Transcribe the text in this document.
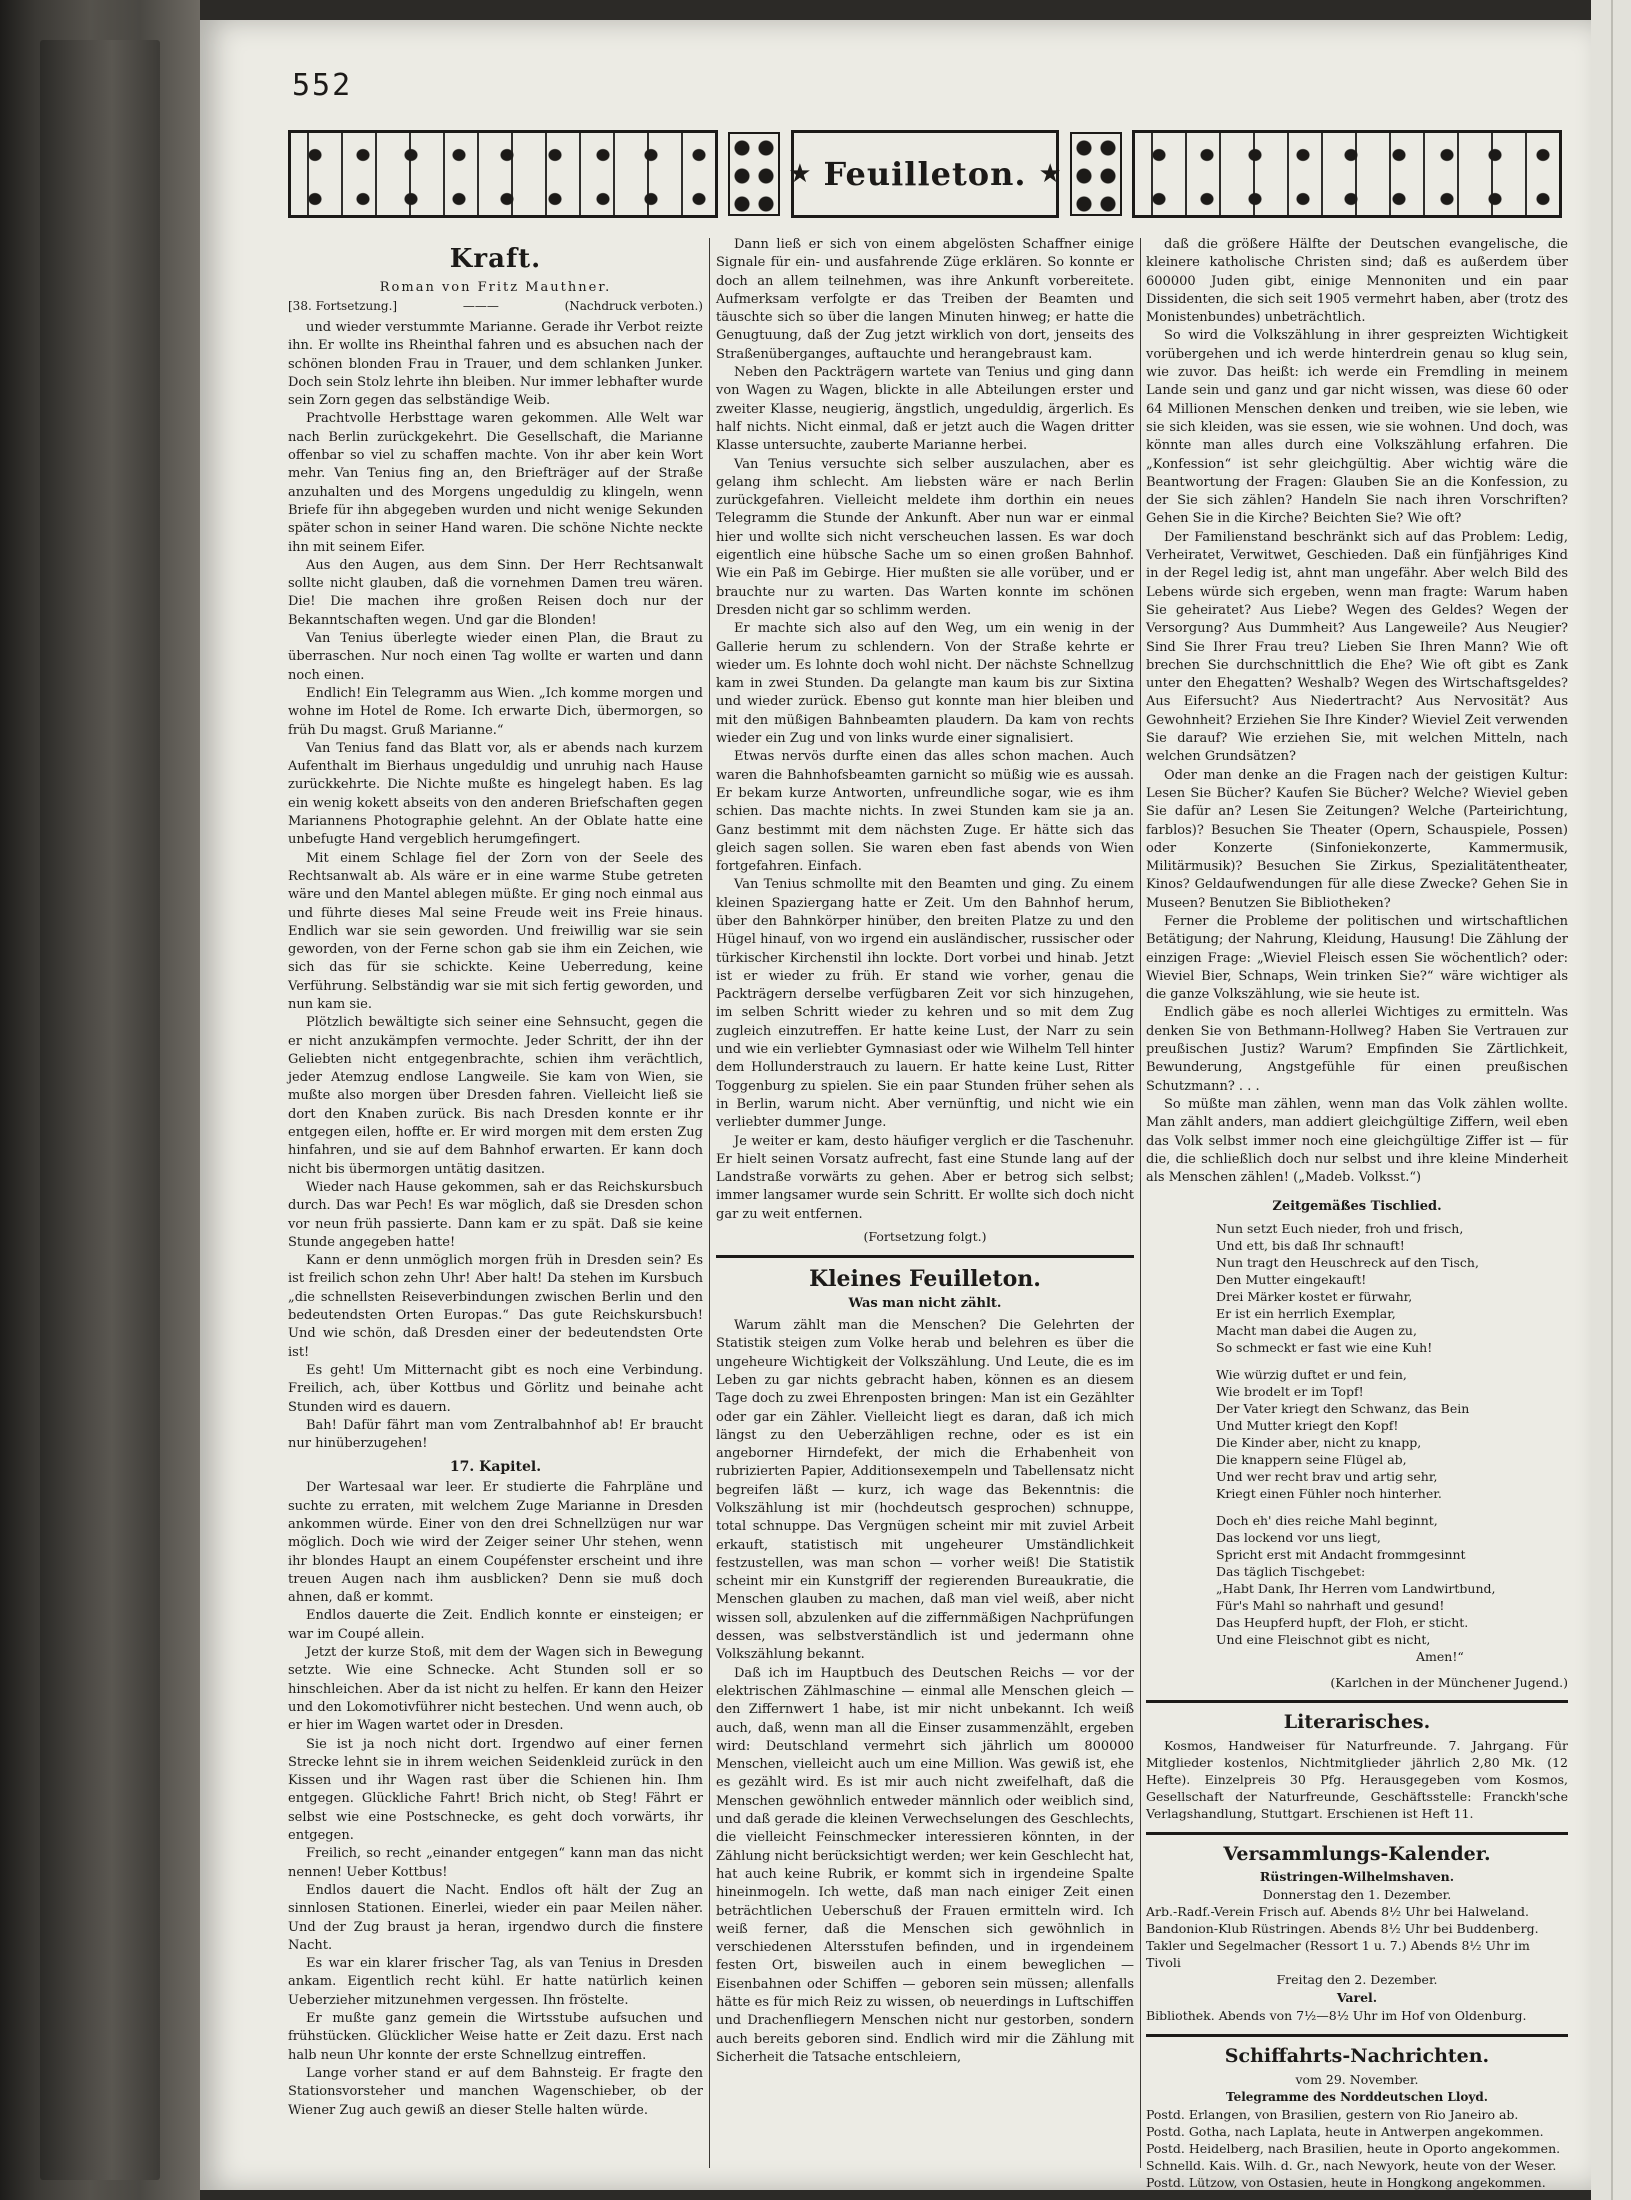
552
★ Feuilleton. ★
Kraft.
Roman von Fritz Mauthner.
[38. Fortsetzung.]	———	(Nachdruck verboten.)

und wieder verstummte Marianne. Gerade ihr Verbot reizte ihn. Er wollte ins Rheinthal fahren und es absuchen nach der schönen blonden Frau in Trauer, und dem schlanken Junker. Doch sein Stolz lehrte ihn bleiben. Nur immer lebhafter wurde sein Zorn gegen das selbständige Weib.

Prachtvolle Herbsttage waren gekommen. Alle Welt war nach Berlin zurückgekehrt. Die Gesellschaft, die Marianne offenbar so viel zu schaffen machte. Von ihr aber kein Wort mehr. Van Tenius fing an, den Briefträger auf der Straße anzuhalten und des Morgens ungeduldig zu klingeln, wenn Briefe für ihn abgegeben wurden und nicht wenige Sekunden später schon in seiner Hand waren. Die schöne Nichte neckte ihn mit seinem Eifer.

Aus den Augen, aus dem Sinn. Der Herr Rechtsanwalt sollte nicht glauben, daß die vornehmen Damen treu wären. Die! Die machen ihre großen Reisen doch nur der Bekanntschaften wegen. Und gar die Blonden!

Van Tenius überlegte wieder einen Plan, die Braut zu überraschen. Nur noch einen Tag wollte er warten und dann noch einen.

Endlich! Ein Telegramm aus Wien. „Ich komme morgen und wohne im Hotel de Rome. Ich erwarte Dich, übermorgen, so früh Du magst. Gruß Marianne.“

Van Tenius fand das Blatt vor, als er abends nach kurzem Aufenthalt im Bierhaus ungeduldig und unruhig nach Hause zurückkehrte. Die Nichte mußte es hingelegt haben. Es lag ein wenig kokett abseits von den anderen Briefschaften gegen Mariannens Photographie gelehnt. An der Oblate hatte eine unbefugte Hand vergeblich herumgefingert.

Mit einem Schlage fiel der Zorn von der Seele des Rechtsanwalt ab. Als wäre er in eine warme Stube getreten wäre und den Mantel ablegen müßte. Er ging noch einmal aus und führte dieses Mal seine Freude weit ins Freie hinaus. Endlich war sie sein geworden. Und freiwillig war sie sein geworden, von der Ferne schon gab sie ihm ein Zeichen, wie sich das für sie schickte. Keine Ueberredung, keine Verführung. Selbständig war sie mit sich fertig geworden, und nun kam sie.

Plötzlich bewältigte sich seiner eine Sehnsucht, gegen die er nicht anzukämpfen vermochte. Jeder Schritt, der ihn der Geliebten nicht entgegenbrachte, schien ihm verächtlich, jeder Atemzug endlose Langweile. Sie kam von Wien, sie mußte also morgen über Dresden fahren. Vielleicht ließ sie dort den Knaben zurück. Bis nach Dresden konnte er ihr entgegen eilen, hoffte er. Er wird morgen mit dem ersten Zug hinfahren, und sie auf dem Bahnhof erwarten. Er kann doch nicht bis übermorgen untätig dasitzen.

Wieder nach Hause gekommen, sah er das Reichskursbuch durch. Das war Pech! Es war möglich, daß sie Dresden schon vor neun früh passierte. Dann kam er zu spät. Daß sie keine Stunde angegeben hatte!

Kann er denn unmöglich morgen früh in Dresden sein? Es ist freilich schon zehn Uhr! Aber halt! Da stehen im Kursbuch „die schnellsten Reiseverbindungen zwischen Berlin und den bedeutendsten Orten Europas.“ Das gute Reichskursbuch! Und wie schön, daß Dresden einer der bedeutendsten Orte ist!

Es geht! Um Mitternacht gibt es noch eine Verbindung. Freilich, ach, über Kottbus und Görlitz und beinahe acht Stunden wird es dauern.

Bah! Dafür fährt man vom Zentralbahnhof ab! Er braucht nur hinüberzugehen!

17. Kapitel.

Der Wartesaal war leer. Er studierte die Fahrpläne und suchte zu erraten, mit welchem Zuge Marianne in Dresden ankommen würde. Einer von den drei Schnellzügen nur war möglich. Doch wie wird der Zeiger seiner Uhr stehen, wenn ihr blondes Haupt an einem Coupéfenster erscheint und ihre treuen Augen nach ihm ausblicken? Denn sie muß doch ahnen, daß er kommt.

Endlos dauerte die Zeit. Endlich konnte er einsteigen; er war im Coupé allein.

Jetzt der kurze Stoß, mit dem der Wagen sich in Bewegung setzte. Wie eine Schnecke. Acht Stunden soll er so hinschleichen. Aber da ist nicht zu helfen. Er kann den Heizer und den Lokomotivführer nicht bestechen. Und wenn auch, ob er hier im Wagen wartet oder in Dresden.

Sie ist ja noch nicht dort. Irgendwo auf einer fernen Strecke lehnt sie in ihrem weichen Seidenkleid zurück in den Kissen und ihr Wagen rast über die Schienen hin. Ihm entgegen. Glückliche Fahrt! Brich nicht, ob Steg! Fährt er selbst wie eine Postschnecke, es geht doch vorwärts, ihr entgegen.

Freilich, so recht „einander entgegen“ kann man das nicht nennen! Ueber Kottbus!

Endlos dauert die Nacht. Endlos oft hält der Zug an sinnlosen Stationen. Einerlei, wieder ein paar Meilen näher. Und der Zug braust ja heran, irgendwo durch die finstere Nacht.

Es war ein klarer frischer Tag, als van Tenius in Dresden ankam. Eigentlich recht kühl. Er hatte natürlich keinen Ueberzieher mitzunehmen vergessen. Ihn fröstelte.

Er mußte ganz gemein die Wirtsstube aufsuchen und frühstücken. Glücklicher Weise hatte er Zeit dazu. Erst nach halb neun Uhr konnte der erste Schnellzug eintreffen.

Lange vorher stand er auf dem Bahnsteig. Er fragte den Stationsvorsteher und manchen Wagenschieber, ob der Wiener Zug auch gewiß an dieser Stelle halten würde.

Dann ließ er sich von einem abgelösten Schaffner einige Signale für ein- und ausfahrende Züge erklären. So konnte er doch an allem teilnehmen, was ihre Ankunft vorbereitete. Aufmerksam verfolgte er das Treiben der Beamten und täuschte sich so über die langen Minuten hinweg; er hatte die Genugtuung, daß der Zug jetzt wirklich von dort, jenseits des Straßenüberganges, auftauchte und herangebraust kam.

Neben den Packträgern wartete van Tenius und ging dann von Wagen zu Wagen, blickte in alle Abteilungen erster und zweiter Klasse, neugierig, ängstlich, ungeduldig, ärgerlich. Es half nichts. Nicht einmal, daß er jetzt auch die Wagen dritter Klasse untersuchte, zauberte Marianne herbei.

Van Tenius versuchte sich selber auszulachen, aber es gelang ihm schlecht. Am liebsten wäre er nach Berlin zurückgefahren. Vielleicht meldete ihm dorthin ein neues Telegramm die Stunde der Ankunft. Aber nun war er einmal hier und wollte sich nicht verscheuchen lassen. Es war doch eigentlich eine hübsche Sache um so einen großen Bahnhof. Wie ein Paß im Gebirge. Hier mußten sie alle vorüber, und er brauchte nur zu warten. Das Warten konnte im schönen Dresden nicht gar so schlimm werden.

Er machte sich also auf den Weg, um ein wenig in der Gallerie herum zu schlendern. Von der Straße kehrte er wieder um. Es lohnte doch wohl nicht. Der nächste Schnellzug kam in zwei Stunden. Da gelangte man kaum bis zur Sixtina und wieder zurück. Ebenso gut konnte man hier bleiben und mit den müßigen Bahnbeamten plaudern. Da kam von rechts wieder ein Zug und von links wurde einer signalisiert.

Etwas nervös durfte einen das alles schon machen. Auch waren die Bahnhofsbeamten garnicht so müßig wie es aussah. Er bekam kurze Antworten, unfreundliche sogar, wie es ihm schien. Das machte nichts. In zwei Stunden kam sie ja an. Ganz bestimmt mit dem nächsten Zuge. Er hätte sich das gleich sagen sollen. Sie waren eben fast abends von Wien fortgefahren. Einfach.

Van Tenius schmollte mit den Beamten und ging. Zu einem kleinen Spaziergang hatte er Zeit. Um den Bahnhof herum, über den Bahnkörper hinüber, den breiten Platze zu und den Hügel hinauf, von wo irgend ein ausländischer, russischer oder türkischer Kirchenstil ihn lockte. Dort vorbei und hinab. Jetzt ist er wieder zu früh. Er stand wie vorher, genau die Packträgern derselbe verfügbaren Zeit vor sich hinzugehen, im selben Schritt wieder zu kehren und so mit dem Zug zugleich einzutreffen. Er hatte keine Lust, der Narr zu sein und wie ein verliebter Gymnasiast oder wie Wilhelm Tell hinter dem Hollunderstrauch zu lauern. Er hatte keine Lust, Ritter Toggenburg zu spielen. Sie ein paar Stunden früher sehen als in Berlin, warum nicht. Aber vernünftig, und nicht wie ein verliebter dummer Junge.

Je weiter er kam, desto häufiger verglich er die Taschenuhr. Er hielt seinen Vorsatz aufrecht, fast eine Stunde lang auf der Landstraße vorwärts zu gehen. Aber er betrog sich selbst; immer langsamer wurde sein Schritt. Er wollte sich doch nicht gar zu weit entfernen.

(Fortsetzung folgt.)
Kleines Feuilleton.
Was man nicht zählt.

Warum zählt man die Menschen? Die Gelehrten der Statistik steigen zum Volke herab und belehren es über die ungeheure Wichtigkeit der Volkszählung. Und Leute, die es im Leben zu gar nichts gebracht haben, können es an diesem Tage doch zu zwei Ehrenposten bringen: Man ist ein Gezählter oder gar ein Zähler. Vielleicht liegt es daran, daß ich mich längst zu den Ueberzähligen rechne, oder es ist ein angeborner Hirndefekt, der mich die Erhabenheit von rubrizierten Papier, Additionsexempeln und Tabellensatz nicht begreifen läßt — kurz, ich wage das Bekenntnis: die Volkszählung ist mir (hochdeutsch gesprochen) schnuppe, total schnuppe. Das Vergnügen scheint mir mit zuviel Arbeit erkauft, statistisch mit ungeheurer Umständlichkeit festzustellen, was man schon — vorher weiß! Die Statistik scheint mir ein Kunstgriff der regierenden Bureaukratie, die Menschen glauben zu machen, daß man viel weiß, aber nicht wissen soll, abzulenken auf die ziffernmäßigen Nachprüfungen dessen, was selbstverständlich ist und jedermann ohne Volkszählung bekannt.

Daß ich im Hauptbuch des Deutschen Reichs — vor der elektrischen Zählmaschine — einmal alle Menschen gleich — den Ziffernwert 1 habe, ist mir nicht unbekannt. Ich weiß auch, daß, wenn man all die Einser zusammenzählt, ergeben wird: Deutschland vermehrt sich jährlich um 800000 Menschen, vielleicht auch um eine Million. Was gewiß ist, ehe es gezählt wird. Es ist mir auch nicht zweifelhaft, daß die Menschen gewöhnlich entweder männlich oder weiblich sind, und daß gerade die kleinen Verwechselungen des Geschlechts, die vielleicht Feinschmecker interessieren könnten, in der Zählung nicht berücksichtigt werden; wer kein Geschlecht hat, hat auch keine Rubrik, er kommt sich in irgendeine Spalte hineinmogeln. Ich wette, daß man nach einiger Zeit einen beträchtlichen Ueberschuß der Frauen ermitteln wird. Ich weiß ferner, daß die Menschen sich gewöhnlich in verschiedenen Altersstufen befinden, und in irgendeinem festen Ort, bisweilen auch in einem beweglichen — Eisenbahnen oder Schiffen — geboren sein müssen; allenfalls hätte es für mich Reiz zu wissen, ob neuerdings in Luftschiffen und Drachenfliegern Menschen nicht nur gestorben, sondern auch bereits geboren sind. Endlich wird mir die Zählung mit Sicherheit die Tatsache entschleiern,

daß die größere Hälfte der Deutschen evangelische, die kleinere katholische Christen sind; daß es außerdem über 600000 Juden gibt, einige Mennoniten und ein paar Dissidenten, die sich seit 1905 vermehrt haben, aber (trotz des Monistenbundes) unbeträchtlich.

So wird die Volkszählung in ihrer gespreizten Wichtigkeit vorübergehen und ich werde hinterdrein genau so klug sein, wie zuvor. Das heißt: ich werde ein Fremdling in meinem Lande sein und ganz und gar nicht wissen, was diese 60 oder 64 Millionen Menschen denken und treiben, wie sie leben, wie sie sich kleiden, was sie essen, wie sie wohnen. Und doch, was könnte man alles durch eine Volkszählung erfahren. Die „Konfession“ ist sehr gleichgültig. Aber wichtig wäre die Beantwortung der Fragen: Glauben Sie an die Konfession, zu der Sie sich zählen? Handeln Sie nach ihren Vorschriften? Gehen Sie in die Kirche? Beichten Sie? Wie oft?

Der Familienstand beschränkt sich auf das Problem: Ledig, Verheiratet, Verwitwet, Geschieden. Daß ein fünfjähriges Kind in der Regel ledig ist, ahnt man ungefähr. Aber welch Bild des Lebens würde sich ergeben, wenn man fragte: Warum haben Sie geheiratet? Aus Liebe? Wegen des Geldes? Wegen der Versorgung? Aus Dummheit? Aus Langeweile? Aus Neugier? Sind Sie Ihrer Frau treu? Lieben Sie Ihren Mann? Wie oft brechen Sie durchschnittlich die Ehe? Wie oft gibt es Zank unter den Ehegatten? Weshalb? Wegen des Wirtschaftsgeldes? Aus Eifersucht? Aus Niedertracht? Aus Nervosität? Aus Gewohnheit? Erziehen Sie Ihre Kinder? Wieviel Zeit verwenden Sie darauf? Wie erziehen Sie, mit welchen Mitteln, nach welchen Grundsätzen?

Oder man denke an die Fragen nach der geistigen Kultur: Lesen Sie Bücher? Kaufen Sie Bücher? Welche? Wieviel geben Sie dafür an? Lesen Sie Zeitungen? Welche (Parteirichtung, farblos)? Besuchen Sie Theater (Opern, Schauspiele, Possen) oder Konzerte (Sinfoniekonzerte, Kammermusik, Militärmusik)? Besuchen Sie Zirkus, Spezialitätentheater, Kinos? Geldaufwendungen für alle diese Zwecke? Gehen Sie in Museen? Benutzen Sie Bibliotheken?

Ferner die Probleme der politischen und wirtschaftlichen Betätigung; der Nahrung, Kleidung, Hausung! Die Zählung der einzigen Frage: „Wieviel Fleisch essen Sie wöchentlich? oder: Wieviel Bier, Schnaps, Wein trinken Sie?“ wäre wichtiger als die ganze Volkszählung, wie sie heute ist.

Endlich gäbe es noch allerlei Wichtiges zu ermitteln. Was denken Sie von Bethmann-Hollweg? Haben Sie Vertrauen zur preußischen Justiz? Warum? Empfinden Sie Zärtlichkeit, Bewunderung, Angstgefühle für einen preußischen Schutzmann? . . .

So müßte man zählen, wenn man das Volk zählen wollte. Man zählt anders, man addiert gleichgültige Ziffern, weil eben das Volk selbst immer noch eine gleichgültige Ziffer ist — für die, die schließlich doch nur selbst und ihre kleine Minderheit als Menschen zählen! („Madeb. Volksst.“)

Zeitgemäßes Tischlied.
Nun setzt Euch nieder, froh und frisch,
Und ett, bis daß Ihr schnauft!
Nun tragt den Heuschreck auf den Tisch,
Den Mutter eingekauft!
Drei Märker kostet er fürwahr,
Er ist ein herrlich Exemplar,
Macht man dabei die Augen zu,
So schmeckt er fast wie eine Kuh!
Wie würzig duftet er und fein,
Wie brodelt er im Topf!
Der Vater kriegt den Schwanz, das Bein
Und Mutter kriegt den Kopf!
Die Kinder aber, nicht zu knapp,
Die knappern seine Flügel ab,
Und wer recht brav und artig sehr,
Kriegt einen Fühler noch hinterher.
Doch eh' dies reiche Mahl beginnt,
Das lockend vor uns liegt,
Spricht erst mit Andacht frommgesinnt
Das täglich Tischgebet:
„Habt Dank, Ihr Herren vom Landwirtbund,
Für's Mahl so nahrhaft und gesund!
Das Heupferd hupft, der Floh, er sticht.
Und eine Fleischnot gibt es nicht,
Amen!“
(Karlchen in der Münchener Jugend.)
Literarisches.
Kosmos, Handweiser für Naturfreunde. 7. Jahrgang. Für Mitglieder kostenlos, Nichtmitglieder jährlich 2,80 Mk. (12 Hefte). Einzelpreis 30 Pfg. Herausgegeben vom Kosmos, Gesellschaft der Naturfreunde, Geschäftsstelle: Franckh'sche Verlagshandlung, Stuttgart. Erschienen ist Heft 11.
Versammlungs-Kalender.
Rüstringen-Wilhelmshaven.
Donnerstag den 1. Dezember.
Arb.-Radf.-Verein Frisch auf. Abends 8½ Uhr bei Halweland.
Bandonion-Klub Rüstringen. Abends 8½ Uhr bei Buddenberg.
Takler und Segelmacher (Ressort 1 u. 7.) Abends 8½ Uhr im Tivoli
Freitag den 2. Dezember.
Varel.
Bibliothek. Abends von 7½—8½ Uhr im Hof von Oldenburg.
Schiffahrts-Nachrichten.
vom 29. November.
Telegramme des Norddeutschen Lloyd.
Postd. Erlangen, von Brasilien, gestern von Rio Janeiro ab.
Postd. Gotha, nach Laplata, heute in Antwerpen angekommen.
Postd. Heidelberg, nach Brasilien, heute in Oporto angekommen.
Schnelld. Kais. Wilh. d. Gr., nach Newyork, heute von der Weser.
Postd. Lützow, von Ostasien, heute in Hongkong angekommen.
